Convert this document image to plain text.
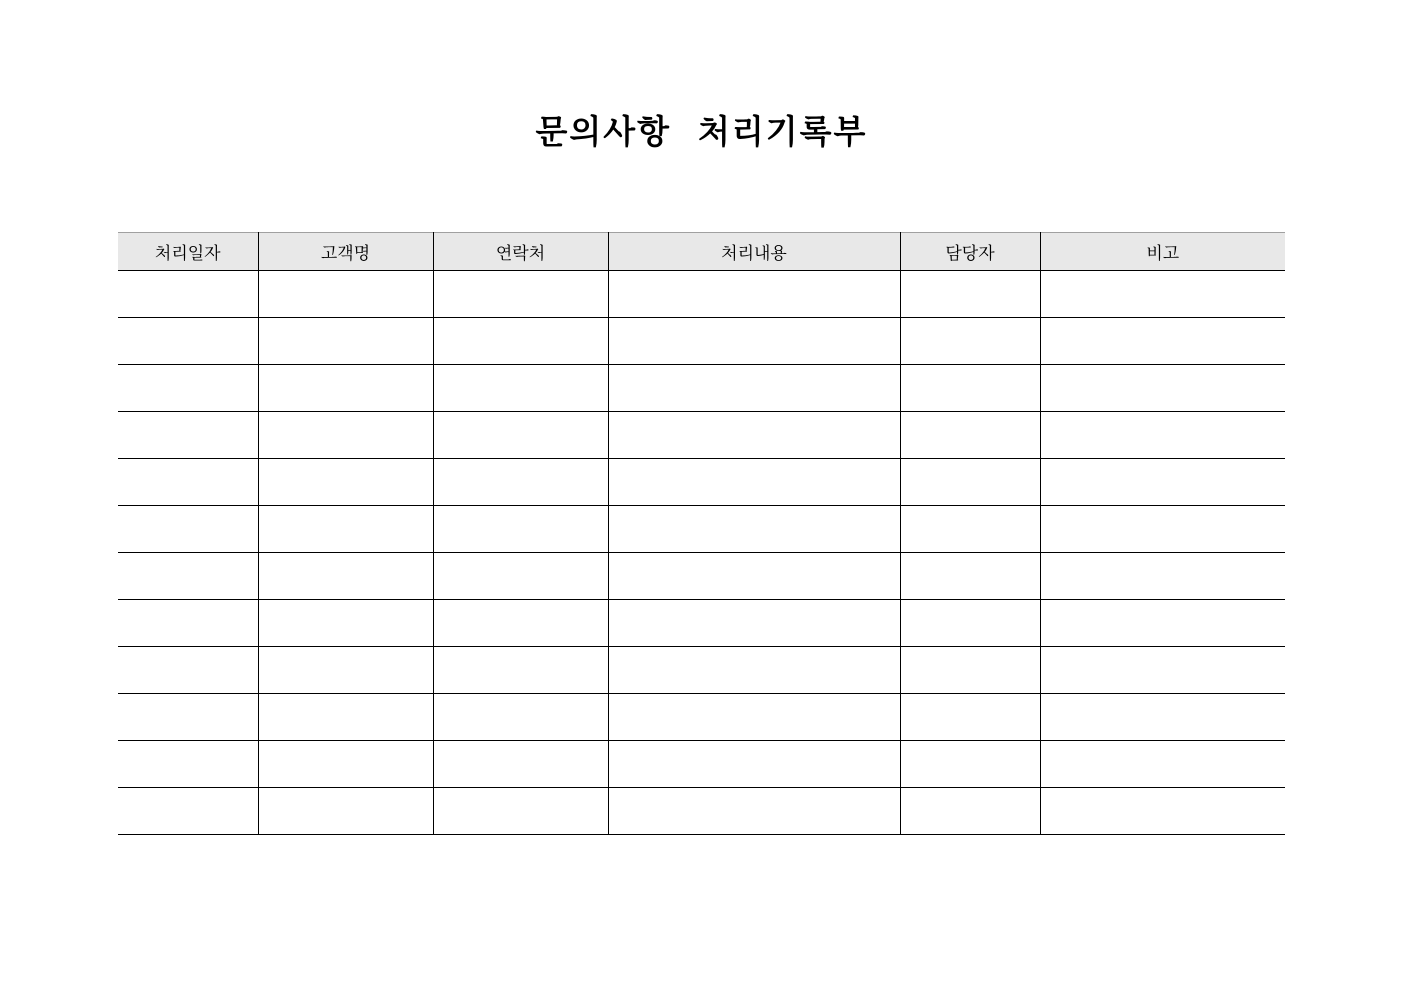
문의사항  처리기록부
처리일자	고객명	연락처	처리내용	담당자	비고
